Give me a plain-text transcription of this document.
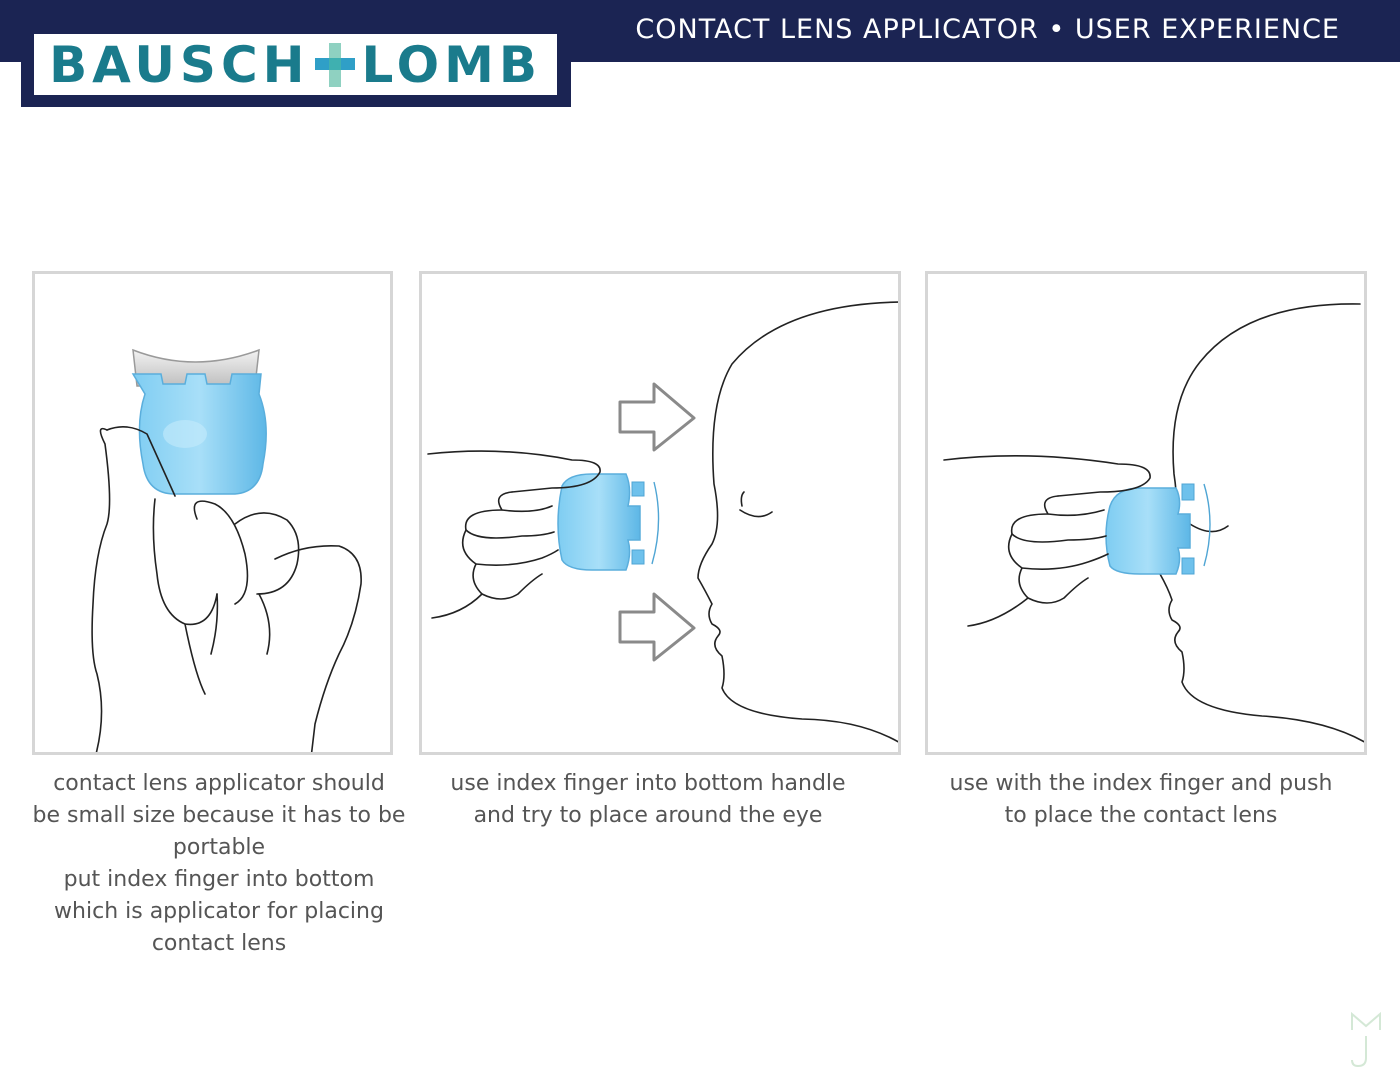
CONTACT LENS APPLICATOR • USER EXPERIENCE
BAUSCH LOMB
contact lens applicator should
be small size because it has to be
portable
put index finger into bottom
which is applicator for placing
contact lens
use index finger into bottom handle
and try to place around the eye
use with the index finger and push
to place the contact lens
